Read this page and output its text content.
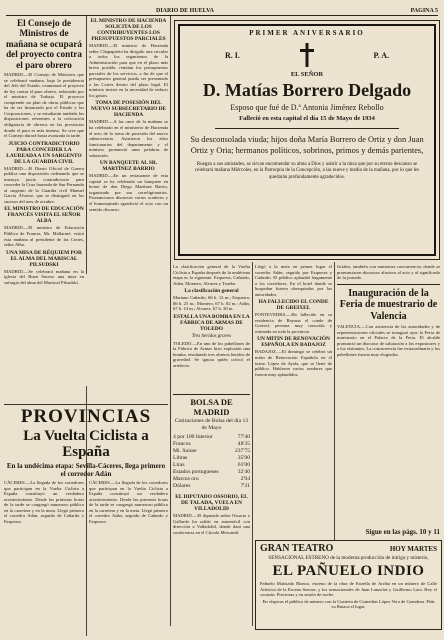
DIARIO DE HUELVA	PAGINA 5

El Consejo de Ministros de mañana se ocupará del proyecto contra el paro obrero

MADRID.—El Consejo de Ministros que se celebrará mañana, bajo la presidencia del Jefe del Estado, examinará el proyecto de ley contra el paro obrero, redactado por el ministro de Trabajo. El proyecto comprende un plan de obras públicas que ha de ser financiado por el Estado y las Corporaciones, y se estudiarán también las disposiciones referentes a la colocación obligatoria de obreros en las provincias donde el paro es más intenso. Se cree que el Consejo durará hasta avanzada la tarde.

JUICIO CONTRADICTORIO PARA CONCEDER LA LAUREADA A UN SARGENTO DE LA GUARDIA CIVIL

MADRID.—El Diario Oficial de Guerra publica una disposición ordenando que se instruya juicio contradictorio para conceder la Cruz laureada de San Fernando al sargento de la Guardia civil Manuel García Álvarez, que se distinguió en los sucesos del mes de octubre.

EL MINISTRO DE EDUCACIÓN FRANCÉS VISITA EL SEÑOR ALBA

MADRID.—El ministro de Educación Pública de Francia, Mr. Mallarmé, visitó esta mañana al presidente de las Cortes, señor Alba.

UNA MISA DE RÉQUIEM POR EL ALMA DEL MARISCAL PILSUDSKI

MADRID.—Se celebrará mañana en la iglesia del Buen Suceso una misa en sufragio del alma del Mariscal Pilsudski.

EL MINISTRO DE HACIENDA SOLICITA DE LOS CONTRIBUYENTES LOS PRESUPUESTOS PARCIALES

MADRID.—El ministro de Hacienda señor Chapaprieta ha dirigido una circular a todos los organismos de la Administración para que en el plazo más breve posible, remitan los presupuestos parciales de los servicios, a fin de que el presupuesto general pueda ser presentado a las Cortes dentro del plazo legal. El ministro insiste en la necesidad de reducir los gastos.

TOMA DE POSESIÓN DEL NUEVO SUBSECRETARIO DE HACIENDA

MADRID.—A las once de la mañana se ha celebrado en el ministerio de Hacienda el acto de la toma de posesión del nuevo subsecretario. Asistieron los altos funcionarios del departamento y el ministro pronunció unas palabras de salutación.

UN BANQUETE AL SR. MARTÍNEZ BARRIO

MADRID.—En un restaurante de esta capital se ha celebrado un banquete en honor de don Diego Martínez Barrio, organizado por sus correligionarios. Pronunciaron discursos varios oradores y el homenajeado agradeció el acto con un sentido discurso.

PROVINCIAS

La Vuelta Ciclista a España

En la undécima etapa: Sevilla-Cáceres, llega primero el corredor Adán

CÁCERES.—La llegada de los corredores que participan en la Vuelta Ciclista a España constituyó un verdadero acontecimiento. Desde las primeras horas de la tarde se congregó numeroso público en la carretera y en la meta. Llegó primero el corredor Adán, seguido de Cañardo y Ezquerra.

CÁCERES.—La llegada de los corredores que participan en la Vuelta Ciclista a España constituyó un verdadero acontecimiento. Desde las primeras horas de la tarde se congregó numeroso público en la carretera y en la meta. Llegó primero el corredor Adán, seguido de Cañardo y Ezquerra.

PRIMER ANIVERSARIO
R. I.	P. A.
EL SEÑOR
D. Matías Borrero Delgado
Esposo que fué de D.ª Antonia Jiménez Rebollo
Falleció en esta capital el día 15 de Mayo de 1934
Su desconsolada viuda; hijos doña María Borrero de Ortiz y don Juan Ortiz y Oria; hermanos políticos, sobrinos, primos y demás parientes,
Ruegan a sus amistades, se sirvan encomendar su alma a Dios y asistir a la misa que por su eterno descanso se celebrará mañana Miércoles, en la Parroquia de la Concepción, a las nueve y media de la mañana, por lo que les quedarán profundamente agradecidos.

La clasificación general de la Vuelta Ciclista a España después de la undécima etapa es la siguiente: Ezquerra, Cañardo, Adán, Montero, Alvarez y Trueba.

La clasificación general

Mariano Cañardo, 66 h. 12 m.; Ezquerra, 66 h. 25 m.; Montero, 67 h. 02 m.; Adán, 67 h. 14 m.; Alvarez, 67 h. 30 m.

ESTALLA UNA BOMBA EN LA FÁBRICA DE ARMAS DE TOLEDO

Tres heridos graves

TOLEDO.—En uno de los pabellones de la Fábrica de Armas hizo explosión una bomba, resultando tres obreros heridos de gravedad. Se ignora quién colocó el artefacto.

BOLSA DE MADRID

Cotizaciones de Bolsa del día 13 de Mayo

4 por 100 Interior	77'40
Francos	48'35
Mi. Suisse	237'75
Libras	35'90
Liras	61'00
Estados portugueses	32'40
Marcos oro	2'94
Dólares	7'31

EL DIPUTADO OSSORIO, EL DE TALADA, VUELA EN VILLADOLID

MADRID.—El diputado señor Ossorio y Gallardo ha salido en automóvil con dirección a Valladolid, donde dará una conferencia en el Círculo Mercantil.

Llegó a la meta en primer lugar el corredor Adán, seguido por Ezquerra y Cañardo. El público aplaudió largamente a los corredores. En el hotel donde se hospedan fueron obsequiados por las autoridades.

HA FALLECIDO EL CONDE DE GREIXEL

PONTEVEDRA.—Ha fallecido en su residencia de Bayona el conde de Greixel, persona muy conocida y estimada en toda la provincia.

UN MITIN DE RENOVACIÓN ESPAÑOLA EN BADAJOZ

BADAJOZ.—El domingo se celebró un mitin de Renovación Española en el teatro López de Ayala, que se llenó de público. Hablaron varios oradores que fueron muy aplaudidos.

ficiales, también con numerosa concurrencia, donde se pronunciaron discursos alusivos al acto y al significado de la jornada.

Inauguración de la Feria de muestrario de Valencia

VALENCIA.—Con asistencia de las autoridades y de representaciones oficiales se inauguró ayer la Feria de muestrario en el Palacio de la Feria. El alcalde pronunció un discurso de salutación a los expositores y a los visitantes. La concurrencia fue extraordinaria y los pabellones fueron muy elogiados.

Sigue en las págs. 10 y 11
GRAN TEATRO	HOY MARTES
SENSACIONAL ESTRENO de la moderna producción de intriga y misterio,
EL PAÑUELO INDIO
Pañuelo Matizado Blanco, estreno de la obra de Estrella de Arriba en un número de Calle Artística de la Escena Sonora, y los sensacionales de Juan Lanzolas y Guillermo Lara. Hoy el corazón. Preciosas y en sesión de noche.
En vísperas el público de número con la Cuarteta de Comedias López Vera de Grandeza. Pida su Butaca el lugar.
